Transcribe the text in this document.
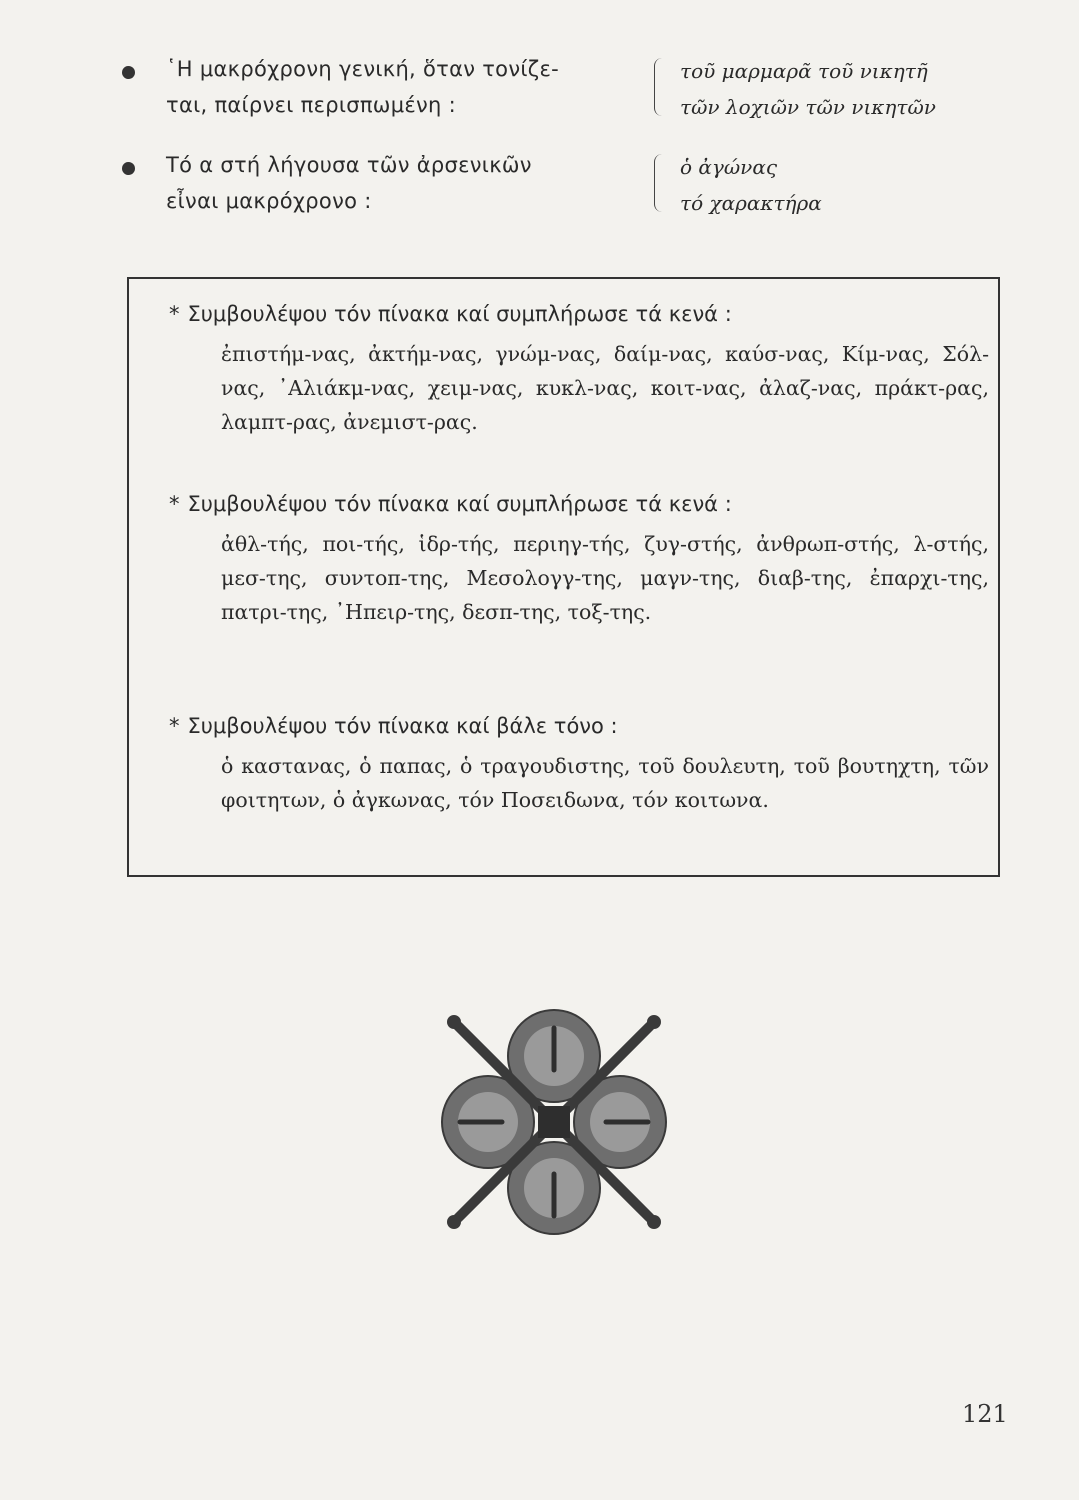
῾Η μακρόχρονη γενική, ὅταν τονίζε-
ται, παίρνει περισπωμένη :
τοῦ μαρμαρᾶ τοῦ νικητῆ
τῶν λοχιῶν τῶν νικητῶν
Τό α στή λήγουσα τῶν ἀρσενικῶν
εἶναι μακρόχρονο :
ὁ ἀγώνας
τό χαρακτήρα
* Συμβουλέψου τόν πίνακα καί συμπλήρωσε τά κενά :
ἐπιστήμ-νας, ἀκτήμ-νας, γνώμ-νας, δαίμ-νας, καύσ-νας, Κίμ-νας, Σόλ-νας, ᾿Αλιάκμ-νας, χειμ-νας, κυκλ-νας, κοιτ-νας, ἀλαζ-νας, πράκτ-ρας, λαμπτ-ρας, ἀνεμιστ-ρας.
* Συμβουλέψου τόν πίνακα καί συμπλήρωσε τά κενά :
ἀθλ-τής, ποι-τής, ἱδρ-τής, περιηγ-τής, ζυγ-στής, ἀνθρωπ-στής, λ-στής, μεσ-της, συντοπ-της, Μεσολογγ-της, μαγν-της, διαβ-της, ἐπαρχι-της, πατρι-της, ᾿Ηπειρ-της, δεσπ-της, τοξ-της.
* Συμβουλέψου τόν πίνακα καί βάλε τόνο :
ὁ καστανας, ὁ παπας, ὁ τραγουδιστης, τοῦ δουλευτη, τοῦ βουτηχτη, τῶν φοιτητων, ὁ ἀγκωνας, τόν Ποσειδωνα, τόν κοιτωνα.
121
